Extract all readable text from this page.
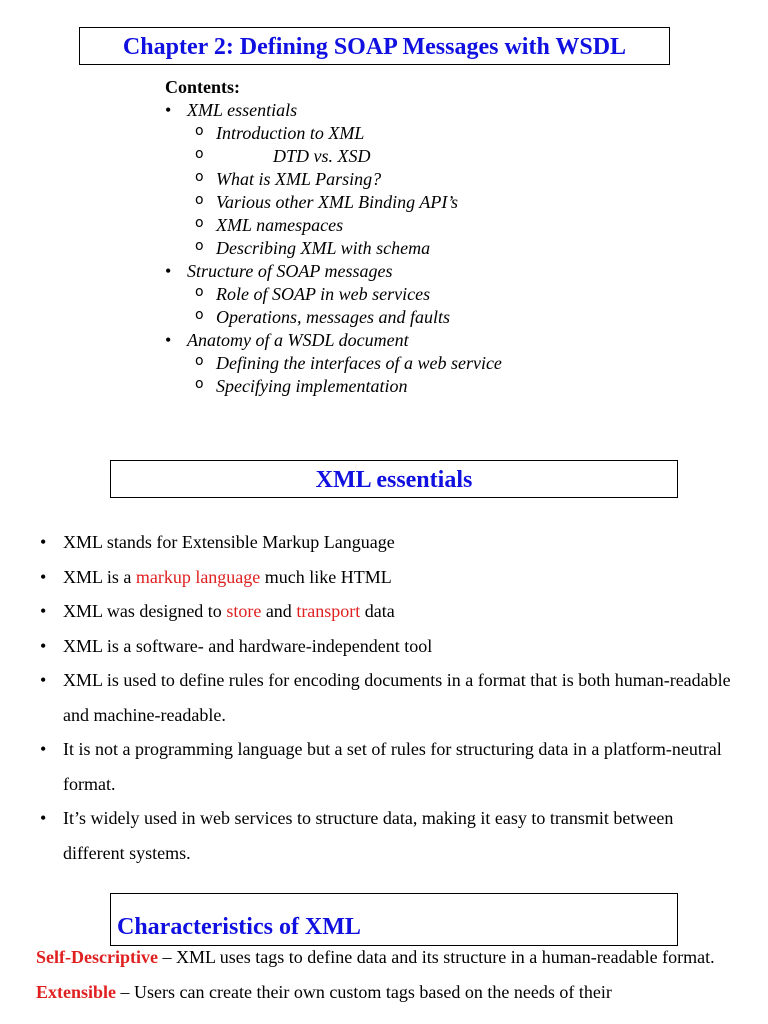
Chapter 2: Defining SOAP Messages with WSDL
Contents:
• XML essentials
o Introduction to XML
o	DTD vs. XSD
o What is XML Parsing?
o Various other XML Binding API’s
o XML namespaces
o Describing XML with schema
• Structure of SOAP messages
o Role of SOAP in web services
o Operations, messages and faults
• Anatomy of a WSDL document
o Defining the interfaces of a web service
o Specifying implementation
XML essentials
• XML stands for Extensible Markup Language
• XML is a markup language much like HTML
• XML was designed to store and transport data
• XML is a software- and hardware-independent tool
• XML is used to define rules for encoding documents in a format that is both human-readable and machine-readable.
• It is not a programming language but a set of rules for structuring data in a platform-neutral format.
• It’s widely used in web services to structure data, making it easy to transmit between different systems.
Characteristics of XML

Self-Descriptive – XML uses tags to define data and its structure in a human-readable format.

Extensible – Users can create their own custom tags based on the needs of their
